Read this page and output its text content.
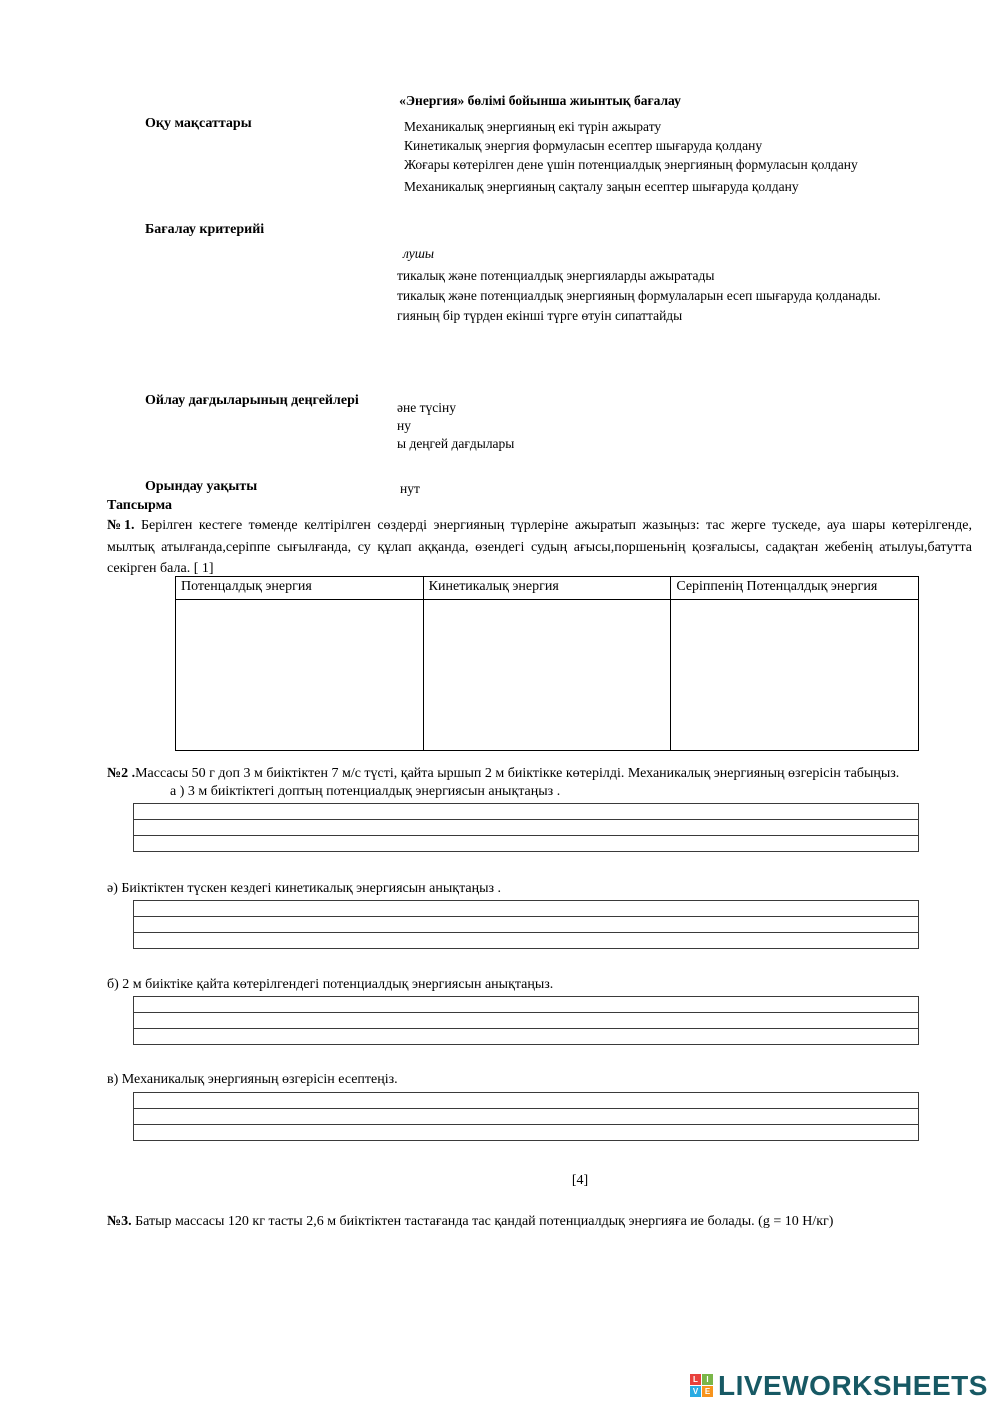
«Энергия» бөлімі бойынша жиынтық бағалау
Оқу мақсаттары	Механикалық энергияның екі түрін ажырату
Кинетикалық энергия формуласын есептер шығаруда қолдану
Жоғары көтерілген дене үшін потенциалдық энергияның формуласын қолдану
Механикалық энергияның сақталу заңын есептер шығаруда қолдану
Бағалау критерийі
лушы
тикалық және потенциалдық энергияларды ажыратады
тикалық және потенциалдық энергияның формулаларын есеп шығаруда қолданады.
гияның бір түрден екінші түрге өтуін сипаттайды
Ойлау дағдыларының деңгейлері	әне түсіну
ну
ы деңгей дағдылары
Орындау уақыты	нут
Тапсырма
№1. Берілген кестеге төменде келтірілген сөздерді энергияның түрлеріне ажыратып жазыңыз: тас жерге тускеде, ауа шары көтерілгенде, мылтық атылғанда,серіппе сығылғанда, су құлап аққанда, өзендегі судың ағысы,поршеньнің қозғалысы, садақтан жебенің атылуы,батутта секірген бала. [ 1]
Потенцалдық энергия	Кинетикалық энергия	Серіппенің Потенцалдық энергия

№2 .Массасы 50 г доп 3 м биіктіктен 7 м/с түсті, қайта ыршып 2 м биіктікке көтерілді. Механикалық энергияның өзгерісін табыңыз.
а ) 3 м биіктіктегі доптың потенциалдық энергиясын анықтаңыз .
ә) Биіктіктен түскен кездегі кинетикалық энергиясын анықтаңыз .
б) 2 м биіктіке қайта көтерілгендегі потенциалдық энергиясын анықтаңыз.
в) Механикалық энергияның өзгерісін есептеңіз.
[4]
№3. Батыр массасы 120 кг тасты 2,6 м биіктіктен тастағанда тас қандай потенциалдық энергияға ие болады. (g = 10 Н/кг)
L	I
V E LIVEWORKSHEETS
